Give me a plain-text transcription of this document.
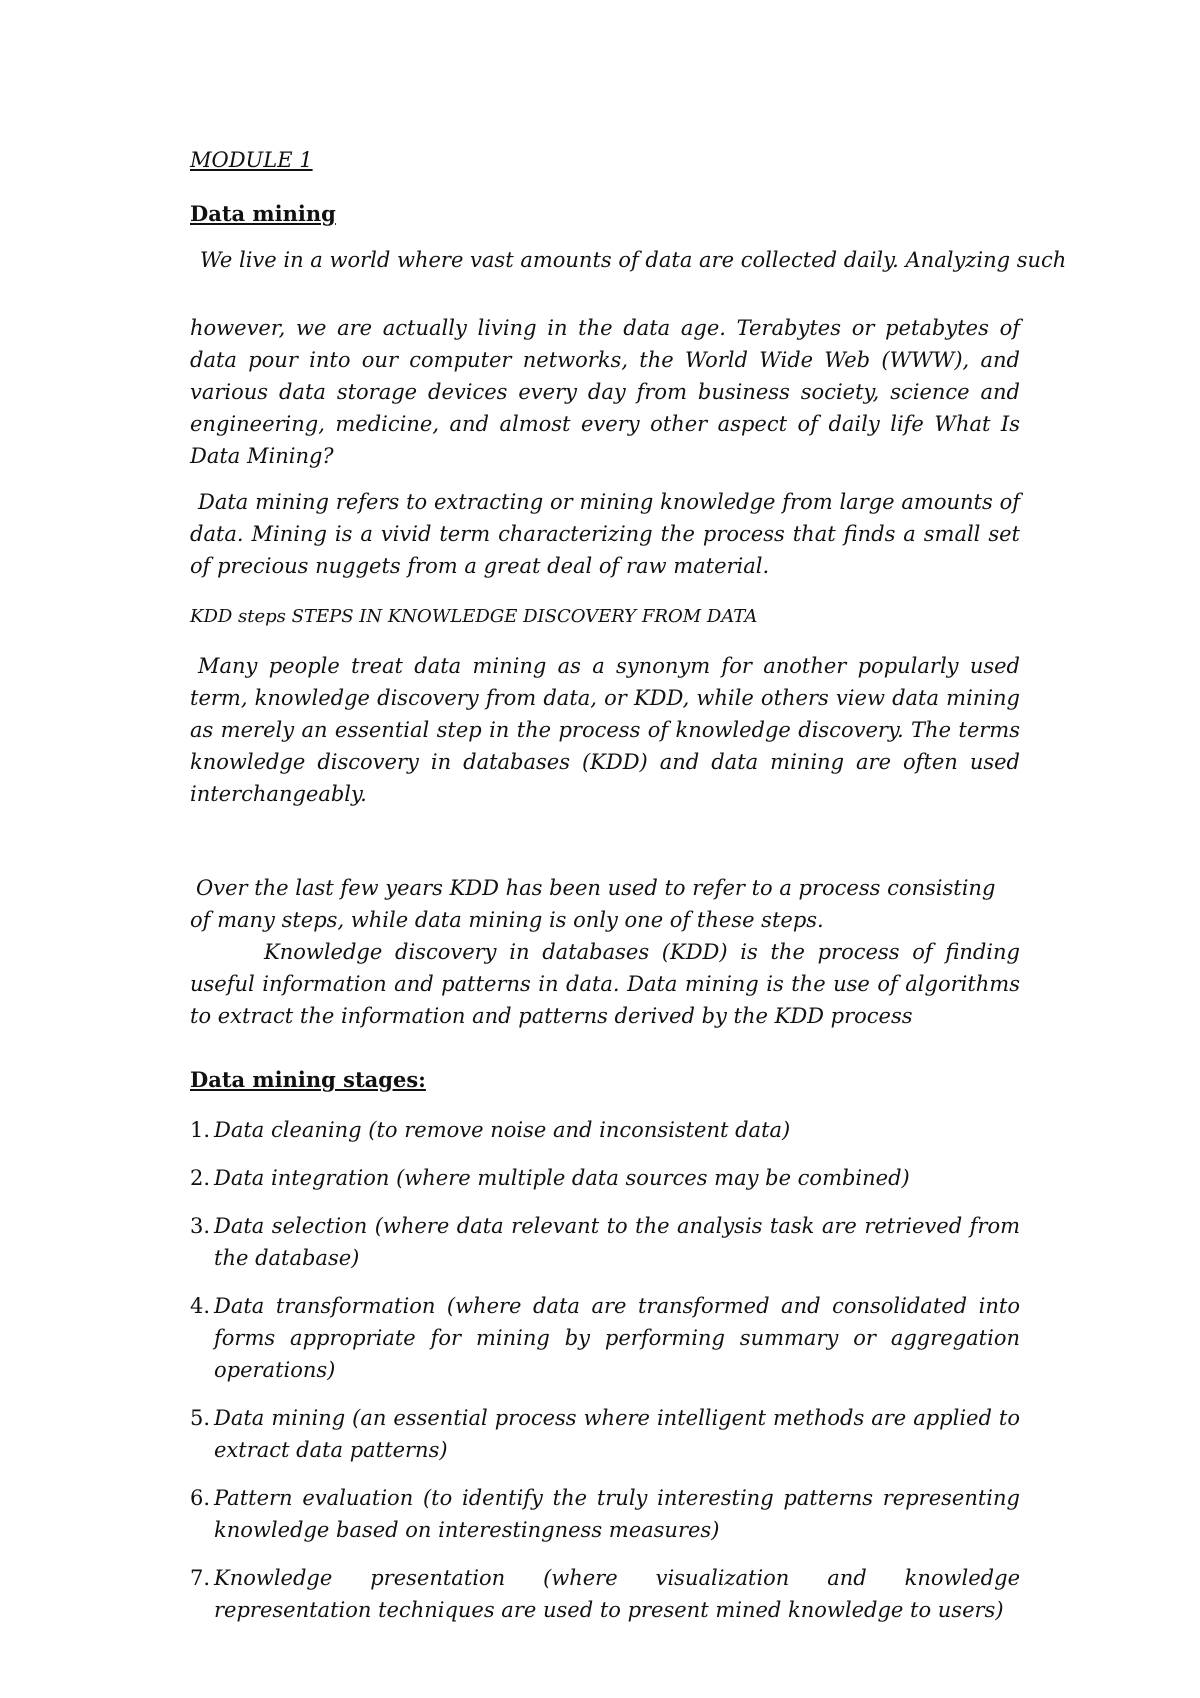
MODULE 1
Data mining

We live in a world where vast amounts of data are collected daily. Analyzing such

however, we are actually living in the data age. Terabytes or petabytes of data pour into our computer networks, the World Wide Web (WWW), and various data storage devices every day from business society, science and engineering, medicine, and almost every other aspect of daily life What Is Data Mining?

Data mining refers to extracting or mining knowledge from large amounts of data. Mining is a vivid term characterizing the process that finds a small set of precious nuggets from a great deal of raw material.

KDD steps STEPS IN KNOWLEDGE DISCOVERY FROM DATA

Many people treat data mining as a synonym for another popularly used term, knowledge discovery from data, or KDD, while others view data mining as merely an essential step in the process of knowledge discovery. The terms knowledge discovery in databases (KDD) and data mining are often used interchangeably.

Over the last few years KDD has been used to refer to a process consisting of many steps, while data mining is only one of these steps.

Knowledge discovery in databases (KDD) is the process of finding useful information and patterns in data. Data mining is the use of algorithms to extract the information and patterns derived by the KDD process

Data mining stages:
1. Data cleaning (to remove noise and inconsistent data)
2. Data integration (where multiple data sources may be combined)
3. Data selection (where data relevant to the analysis task are retrieved from the database)
4. Data transformation (where data are transformed and consolidated into forms appropriate for mining by performing summary or aggregation operations)
5. Data mining (an essential process where intelligent methods are applied to extract data patterns)
6. Pattern evaluation (to identify the truly interesting patterns representing knowledge based on interestingness measures)
7. Knowledge presentation (where visualization and knowledge representation techniques are used to present mined knowledge to users)
